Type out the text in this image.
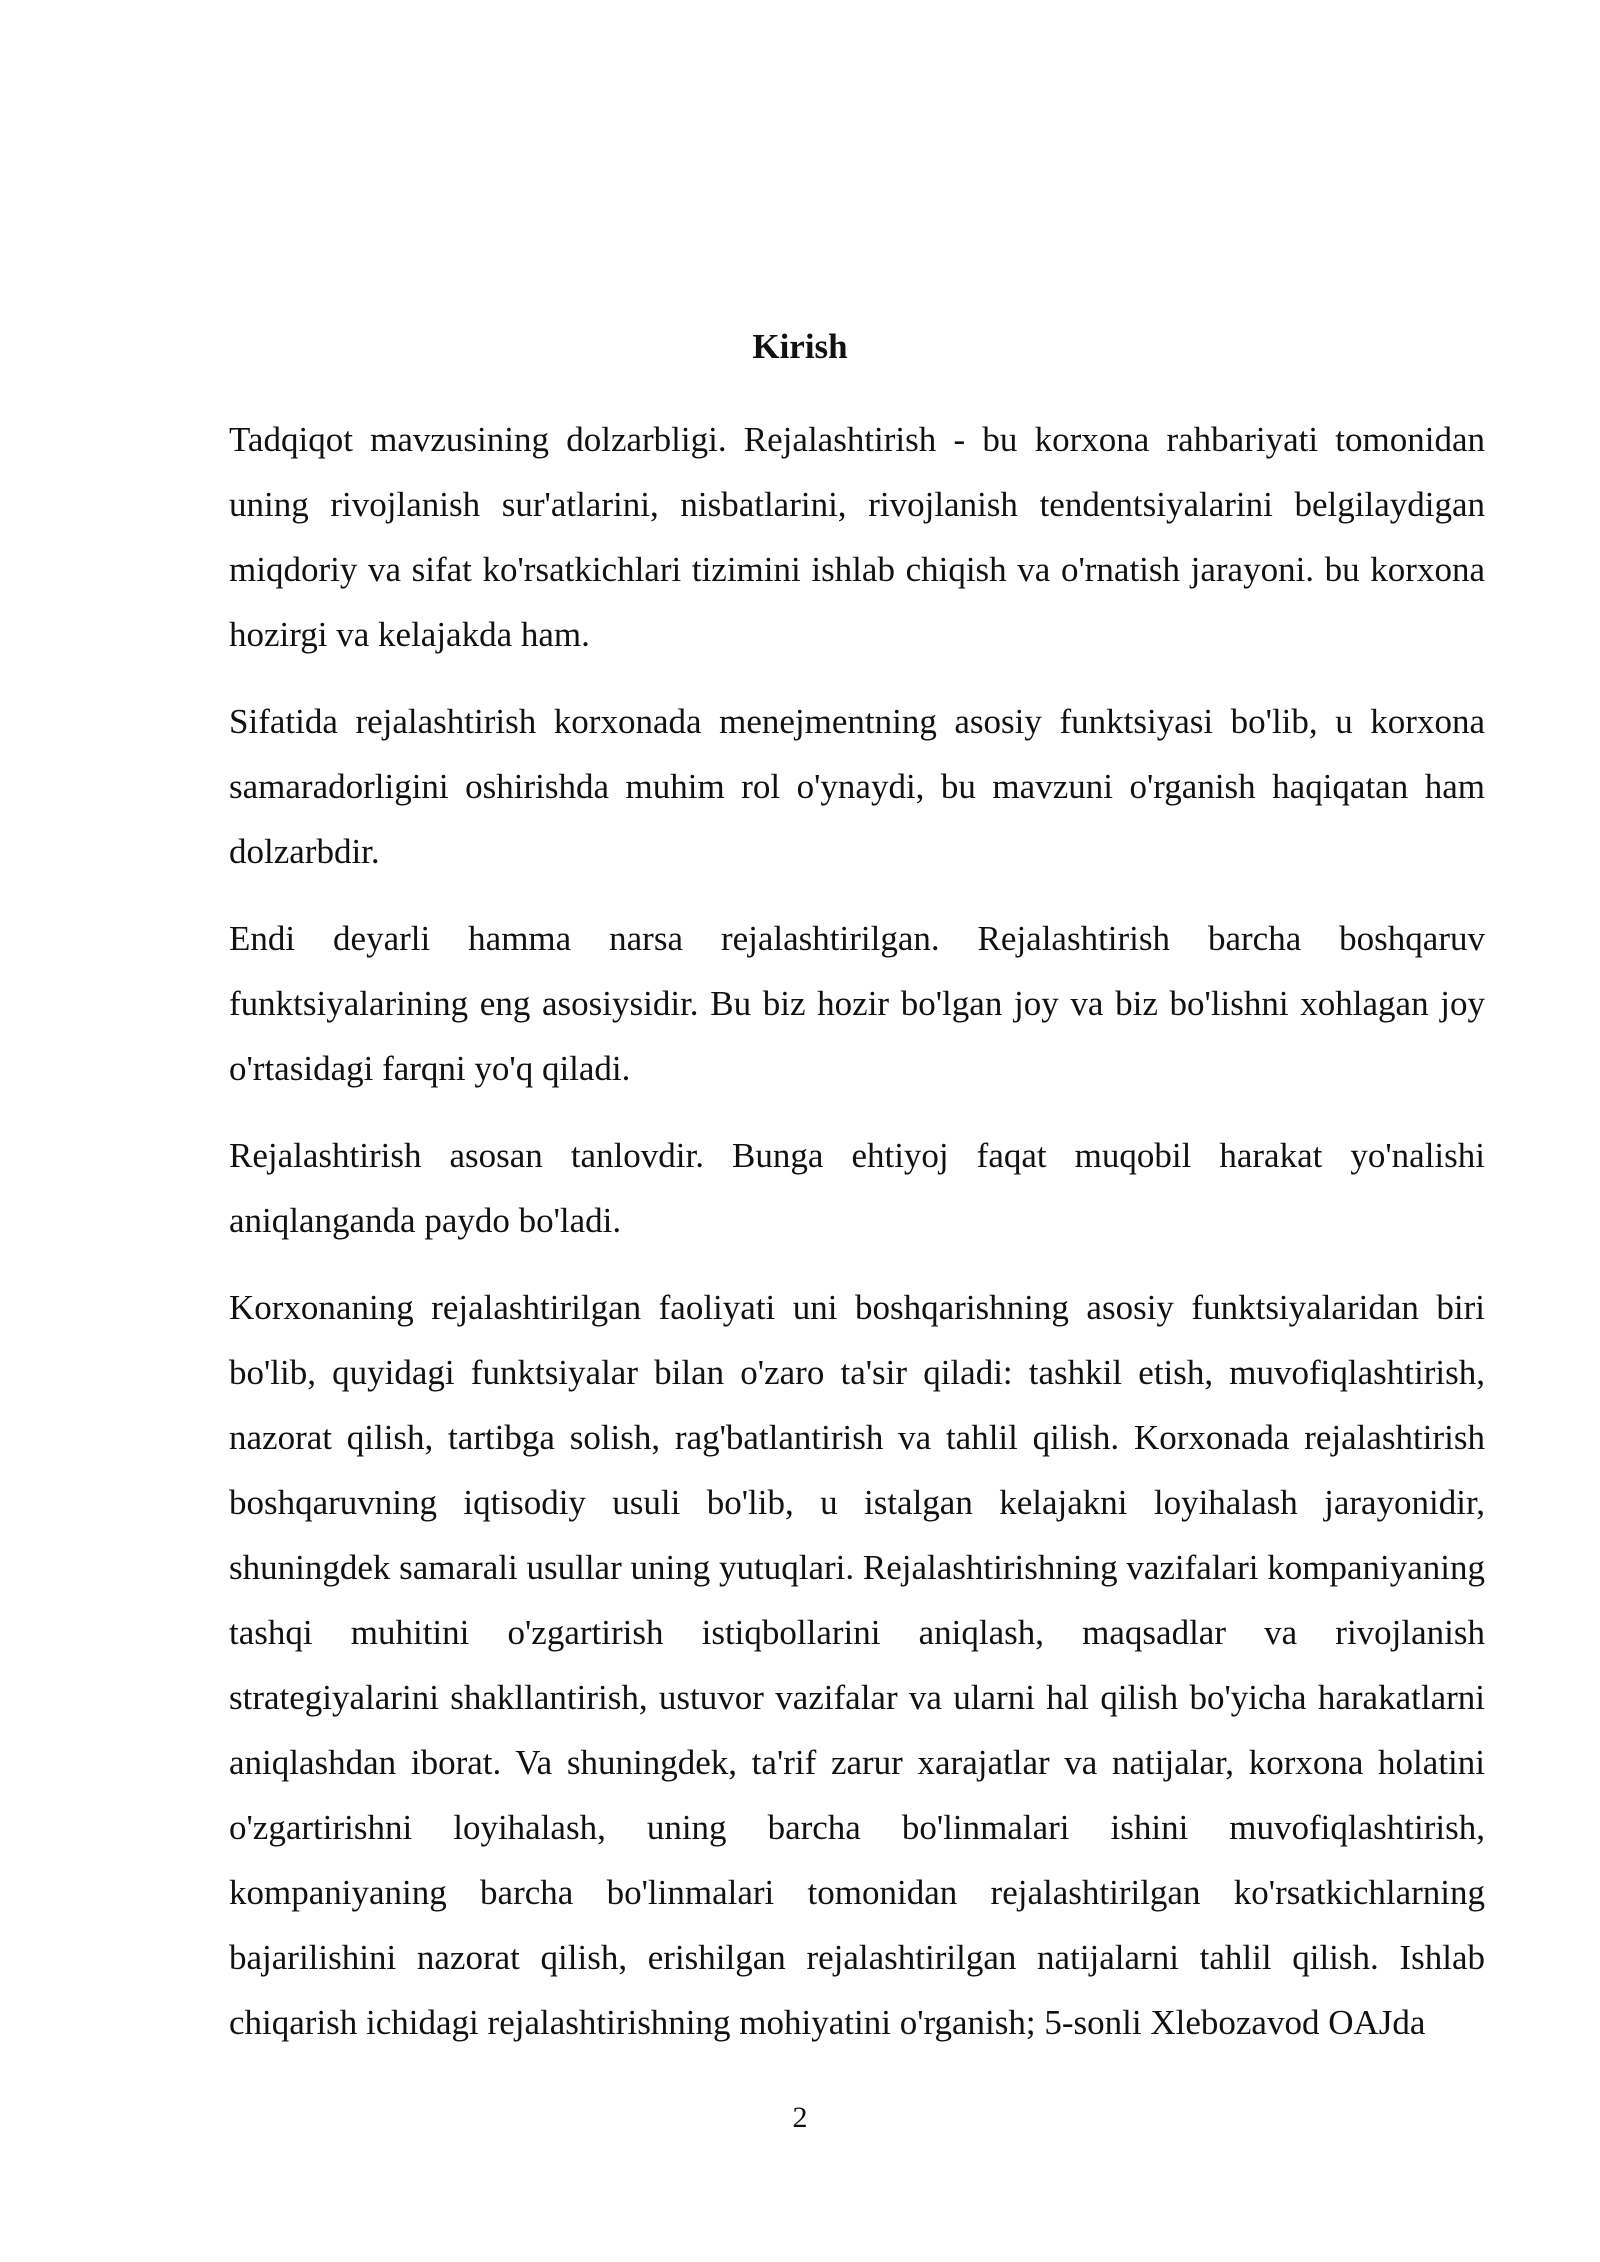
Kirish

Tadqiqot mavzusining dolzarbligi. Rejalashtirish - bu korxona rahbariyati tomonidan uning rivojlanish sur'atlarini, nisbatlarini, rivojlanish tendentsiyalarini belgilaydigan miqdoriy va sifat ko'rsatkichlari tizimini ishlab chiqish va o'rnatish jarayoni. bu korxona hozirgi va kelajakda ham.

Sifatida rejalashtirish korxonada menejmentning asosiy funktsiyasi bo'lib, u korxona samaradorligini oshirishda muhim rol o'ynaydi, bu mavzuni o'rganish haqiqatan ham dolzarbdir.

Endi deyarli hamma narsa rejalashtirilgan. Rejalashtirish barcha boshqaruv funktsiyalarining eng asosiysidir. Bu biz hozir bo'lgan joy va biz bo'lishni xohlagan joy o'rtasidagi farqni yo'q qiladi.

Rejalashtirish asosan tanlovdir. Bunga ehtiyoj faqat muqobil harakat yo'nalishi aniqlanganda paydo bo'ladi.

Korxonaning rejalashtirilgan faoliyati uni boshqarishning asosiy funktsiyalaridan biri bo'lib, quyidagi funktsiyalar bilan o'zaro ta'sir qiladi: tashkil etish, muvofiqlashtirish, nazorat qilish, tartibga solish, rag'batlantirish va tahlil qilish. Korxonada rejalashtirish boshqaruvning iqtisodiy usuli bo'lib, u istalgan kelajakni loyihalash jarayonidir, shuningdek samarali usullar uning yutuqlari. Rejalashtirishning vazifalari kompaniyaning tashqi muhitini o'zgartirish istiqbollarini aniqlash, maqsadlar va rivojlanish strategiyalarini shakllantirish, ustuvor vazifalar va ularni hal qilish bo'yicha harakatlarni aniqlashdan iborat. Va shuningdek, ta'rif zarur xarajatlar va natijalar, korxona holatini o'zgartirishni loyihalash, uning barcha bo'linmalari ishini muvofiqlashtirish, kompaniyaning barcha bo'linmalari tomonidan rejalashtirilgan ko'rsatkichlarning bajarilishini nazorat qilish, erishilgan rejalashtirilgan natijalarni tahlil qilish. Ishlab chiqarish ichidagi rejalashtirishning mohiyatini o'rganish; 5-sonli Xlebozavod OAJda

2
